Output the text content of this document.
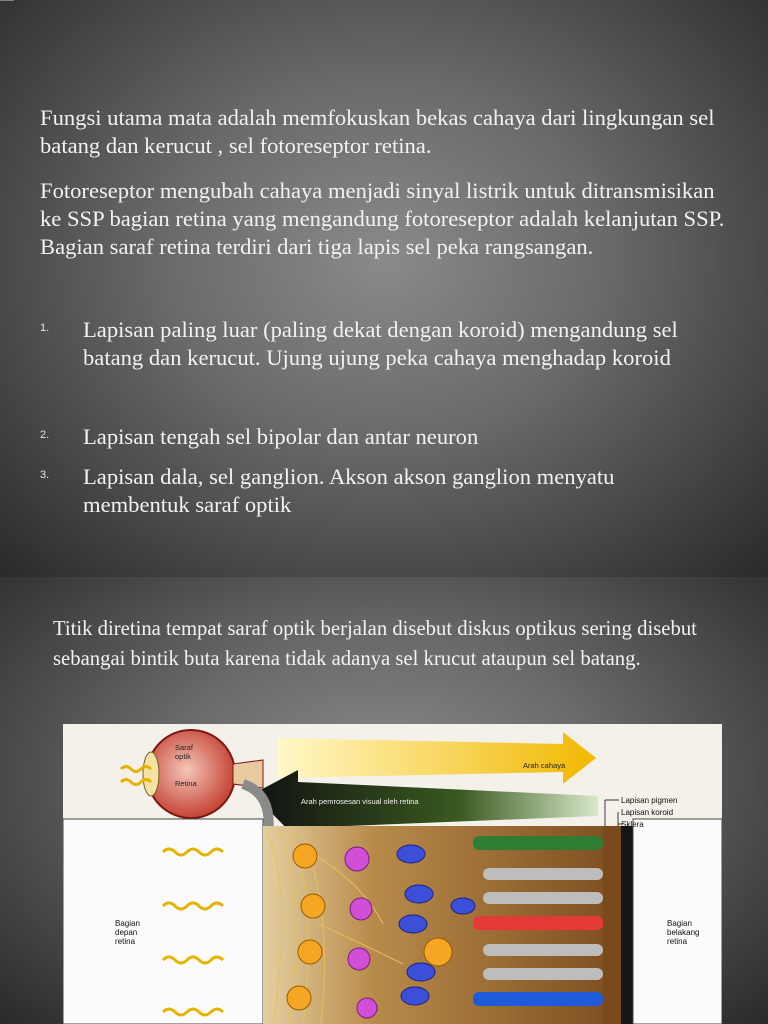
Fungsi utama mata adalah memfokuskan bekas cahaya dari lingkungan sel batang dan kerucut , sel fotoreseptor retina.

Fotoreseptor mengubah cahaya menjadi sinyal listrik untuk ditransmisikan ke SSP bagian retina yang mengandung fotoreseptor adalah kelanjutan SSP. Bagian saraf retina terdiri dari tiga lapis sel peka rangsangan.

1. Lapisan paling luar (paling dekat dengan koroid) mengandung sel batang dan kerucut. Ujung ujung peka cahaya menghadap koroid
2. Lapisan tengah sel bipolar dan antar neuron
3. Lapisan dala, sel ganglion. Akson akson ganglion menyatu membentuk saraf optik

Titik diretina tempat saraf optik berjalan disebut diskus optikus sering disebut sebangai bintik buta karena tidak adanya sel krucut ataupun sel batang.

Arah cahaya
Arah pemrosesan visual oleh retina
Saraf optik
Retina
Bagian depan retina
Lapisan pigmen
Lapisan koroid
Sklera
Bagian belakang retina
